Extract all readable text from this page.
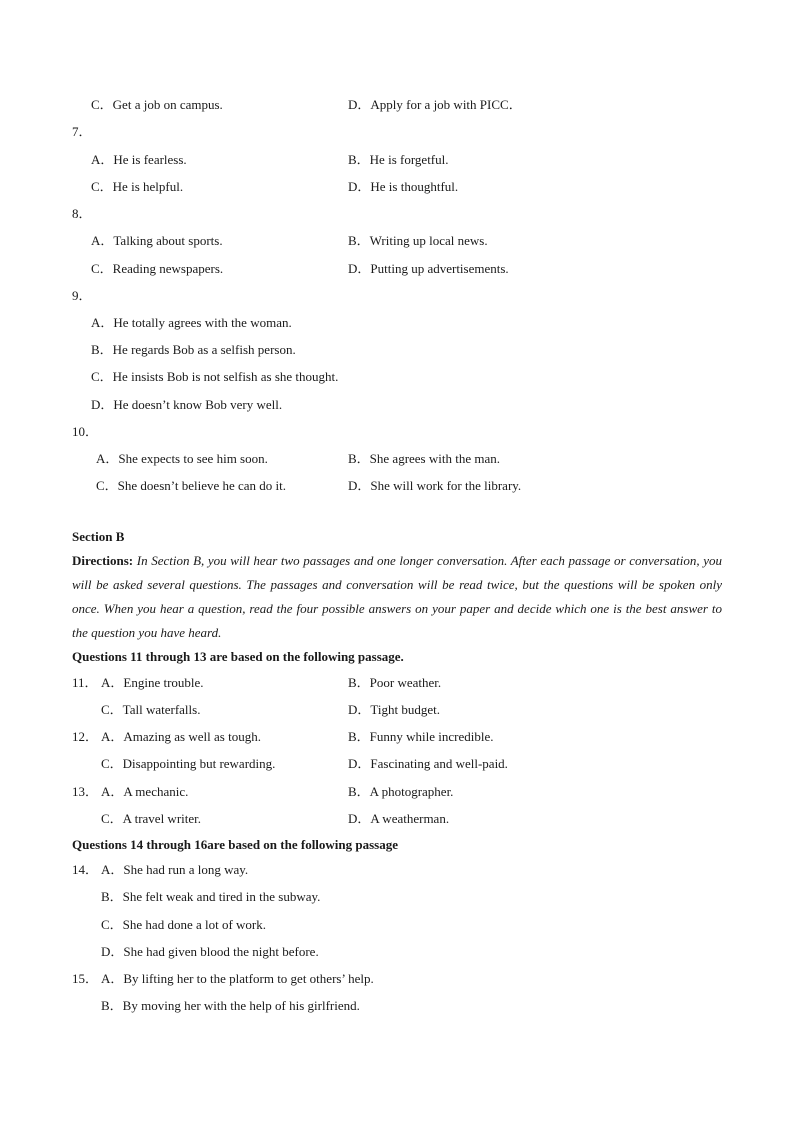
C．Get a job on campus.	D．Apply for a job with PICC．
7．
A．He is fearless.	B．He is forgetful.
C．He is helpful.	D．He is thoughtful.
8．
A．Talking about sports.	B．Writing up local news.
C．Reading newspapers.	D．Putting up advertisements.
9．
A．He totally agrees with the woman.
B．He regards Bob as a selfish person.
C．He insists Bob is not selfish as she thought.
D．He doesn’t know Bob very well.
10．
A．She expects to see him soon.	B．She agrees with the man.
C．She doesn’t believe he can do it.	D．She will work for the library.
Section B
Directions: In Section B, you will hear two passages and one longer conversation. After each passage or conversation, you will be asked several questions. The passages and conversation will be read twice, but the questions will be spoken only once. When you hear a question, read the four possible answers on your paper and decide which one is the best answer to the question you have heard.
Questions 11 through 13 are based on the following passage.
11． A．Engine trouble.	B．Poor weather.
C．Tall waterfalls.	D．Tight budget.
12． A．Amazing as well as tough.	B．Funny while incredible.
C．Disappointing but rewarding.	D．Fascinating and well-paid.
13． A．A mechanic.	B．A photographer.
C．A travel writer.	D．A weatherman.
Questions 14 through 16are based on the following passage
14． A．She had run a long way.
B．She felt weak and tired in the subway.
C．She had done a lot of work.
D．She had given blood the night before.
15． A．By lifting her to the platform to get others’ help.
B．By moving her with the help of his girlfriend.
